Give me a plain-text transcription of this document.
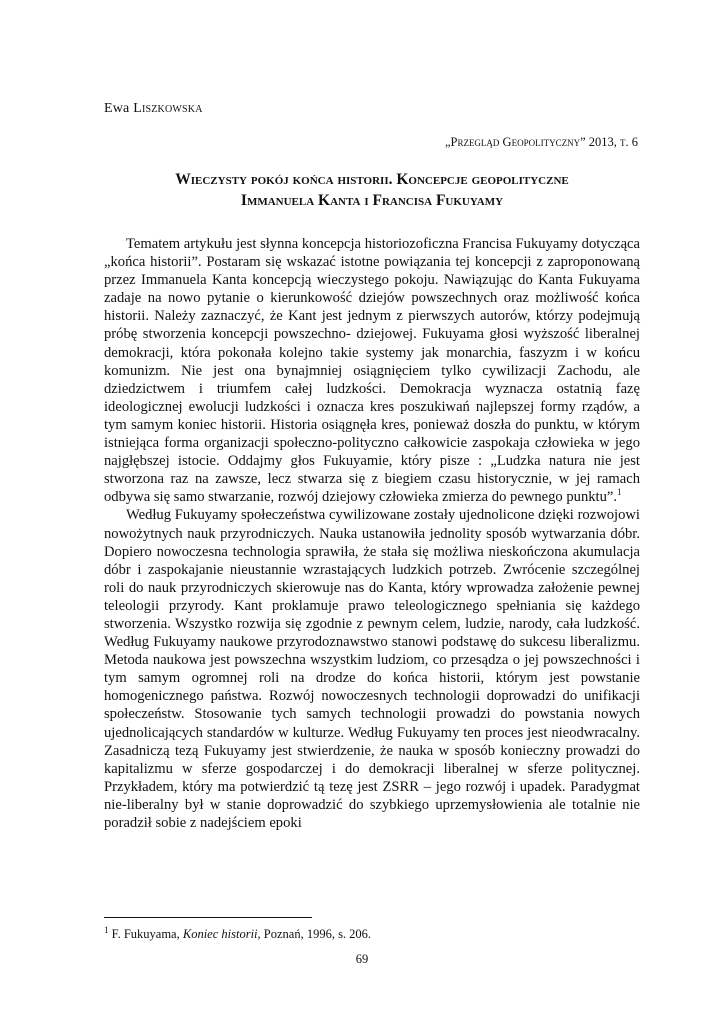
Ewa Liszkowska
„Przegląd Geopolityczny” 2013, t. 6
Wieczysty pokój końca historii. Koncepcje geopolityczne
Immanuela Kanta i Francisa Fukuyamy

Tematem artykułu jest słynna koncepcja historiozoficzna Francisa Fukuyamy dotycząca „końca historii”. Postaram się wskazać istotne powiązania tej koncepcji z zaproponowaną przez Immanuela Kanta koncepcją wieczystego pokoju. Nawiązując do Kanta Fukuyama zadaje na nowo pytanie o kierunkowość dziejów powszechnych oraz możliwość końca historii. Należy zaznaczyć, że Kant jest jednym z pierwszych autorów, którzy podejmują próbę stworzenia koncepcji powszechno- dziejowej. Fukuyama głosi wyższość liberalnej demokracji, która pokonała kolejno takie systemy jak monarchia, faszyzm i w końcu komunizm. Nie jest ona bynajmniej osiągnięciem tylko cywilizacji Zachodu, ale dziedzictwem i triumfem całej ludzkości. Demokracja wyznacza ostatnią fazę ideologicznej ewolucji ludzkości i oznacza kres poszukiwań najlepszej formy rządów, a tym samym koniec historii. Historia osiągnęła kres, ponieważ doszła do punktu, w którym istniejąca forma organizacji społeczno-polityczno całkowicie zaspokaja człowieka w jego najgłębszej istocie. Oddajmy głos Fukuyamie, który pisze : „Ludzka natura nie jest stworzona raz na zawsze, lecz stwarza się z biegiem czasu historycznie, w jej ramach odbywa się samo stwarzanie, rozwój dziejowy człowieka zmierza do pewnego punktu”.$^1$

Według Fukuyamy społeczeństwa cywilizowane zostały ujednolicone dzięki rozwojowi nowożytnych nauk przyrodniczych. Nauka ustanowiła jednolity sposób wytwarzania dóbr. Dopiero nowoczesna technologia sprawiła, że stała się możliwa nieskończona akumulacja dóbr i zaspokajanie nieustannie wzrastających ludzkich potrzeb. Zwrócenie szczególnej roli do nauk przyrodniczych skierowuje nas do Kanta, który wprowadza założenie pewnej teleologii przyrody. Kant proklamuje prawo teleologicznego spełniania się każdego stworzenia. Wszystko rozwija się zgodnie z pewnym celem, ludzie, narody, cała ludzkość. Według Fukuyamy naukowe przyrodoznawstwo stanowi podstawę do sukcesu liberalizmu. Metoda naukowa jest powszechna wszystkim ludziom, co przesądza o jej powszechności i tym samym ogromnej roli na drodze do końca historii, którym jest powstanie homogenicznego państwa. Rozwój nowoczesnych technologii doprowadzi do unifikacji społeczeństw. Stosowanie tych samych technologii prowadzi do powstania nowych ujednolicających standardów w kulturze. Według Fukuyamy ten proces jest nieodwracalny. Zasadniczą tezą Fukuyamy jest stwierdzenie, że nauka w sposób konieczny prowadzi do kapitalizmu w sferze gospodarczej i do demokracji liberalnej w sferze politycznej. Przykładem, który ma potwierdzić tą tezę jest ZSRR – jego rozwój i upadek. Paradygmat nie-liberalny był w stanie doprowadzić do szybkiego uprzemysłowienia ale totalnie nie poradził sobie z nadejściem epoki

$^1$ F. Fukuyama, Koniec historii, Poznań, 1996, s. 206.
69
